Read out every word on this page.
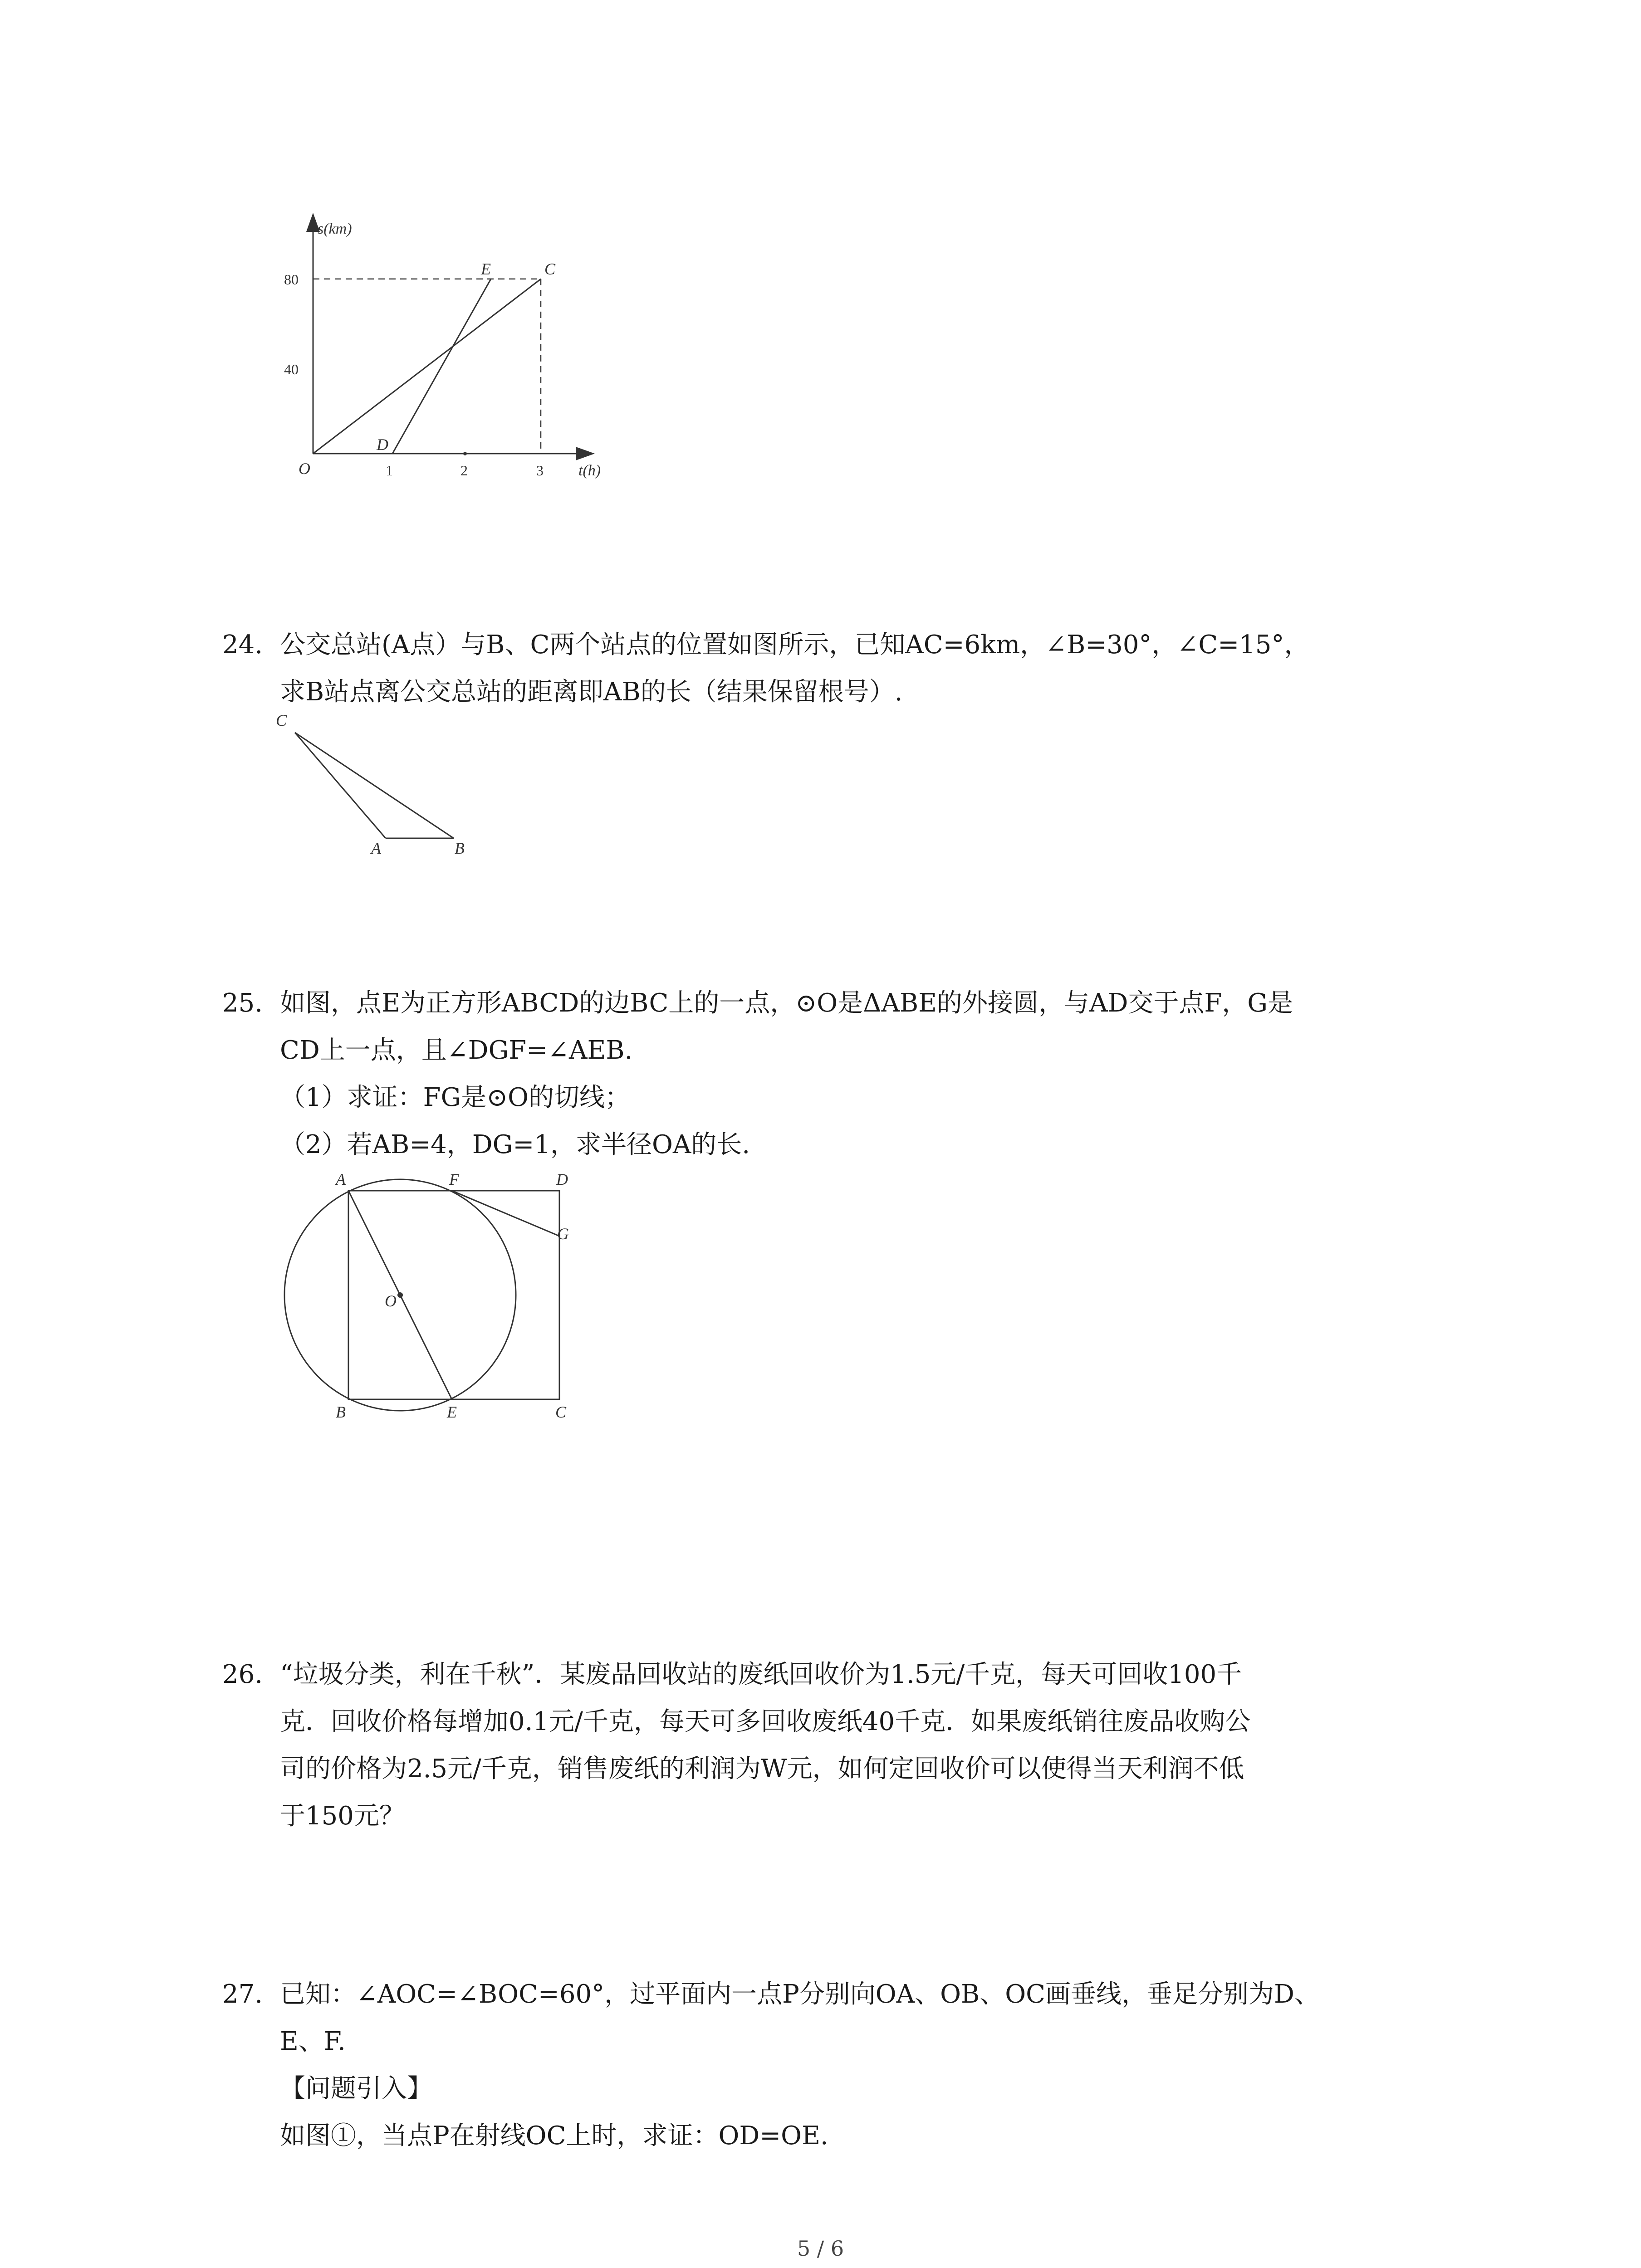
s(km)
t(h)
O
80
40
1	2	3
E	C
D
24. 公交总站(A点）与B、C两个站点的位置如图所示，已知AC=6km，∠B=30°，∠C=15°，
求B站点离公交总站的距离即AB的长（结果保留根号）.
C
A	B
25. 如图，点E为正方形ABCD的边BC上的一点，⊙O是ΔABE的外接圆，与AD交于点F，G是
CD上一点，且∠DGF=∠AEB.
（1）求证：FG是⊙O的切线；
（2）若AB=4，DG=1，求半径OA的长.
A	F	D
G
O
B	E	C
26. “垃圾分类，利在千秋”．某废品回收站的废纸回收价为1.5元/千克，每天可回收100千
克．回收价格每增加0.1元/千克，每天可多回收废纸40千克．如果废纸销往废品收购公
司的价格为2.5元/千克，销售废纸的利润为W元，如何定回收价可以使得当天利润不低
于150元？
27. 已知：∠AOC=∠BOC=60°，过平面内一点P分别向OA、OB、OC画垂线，垂足分别为D、
E、F.
【问题引入】
如图①，当点P在射线OC上时，求证：OD=OE.
5 / 6
